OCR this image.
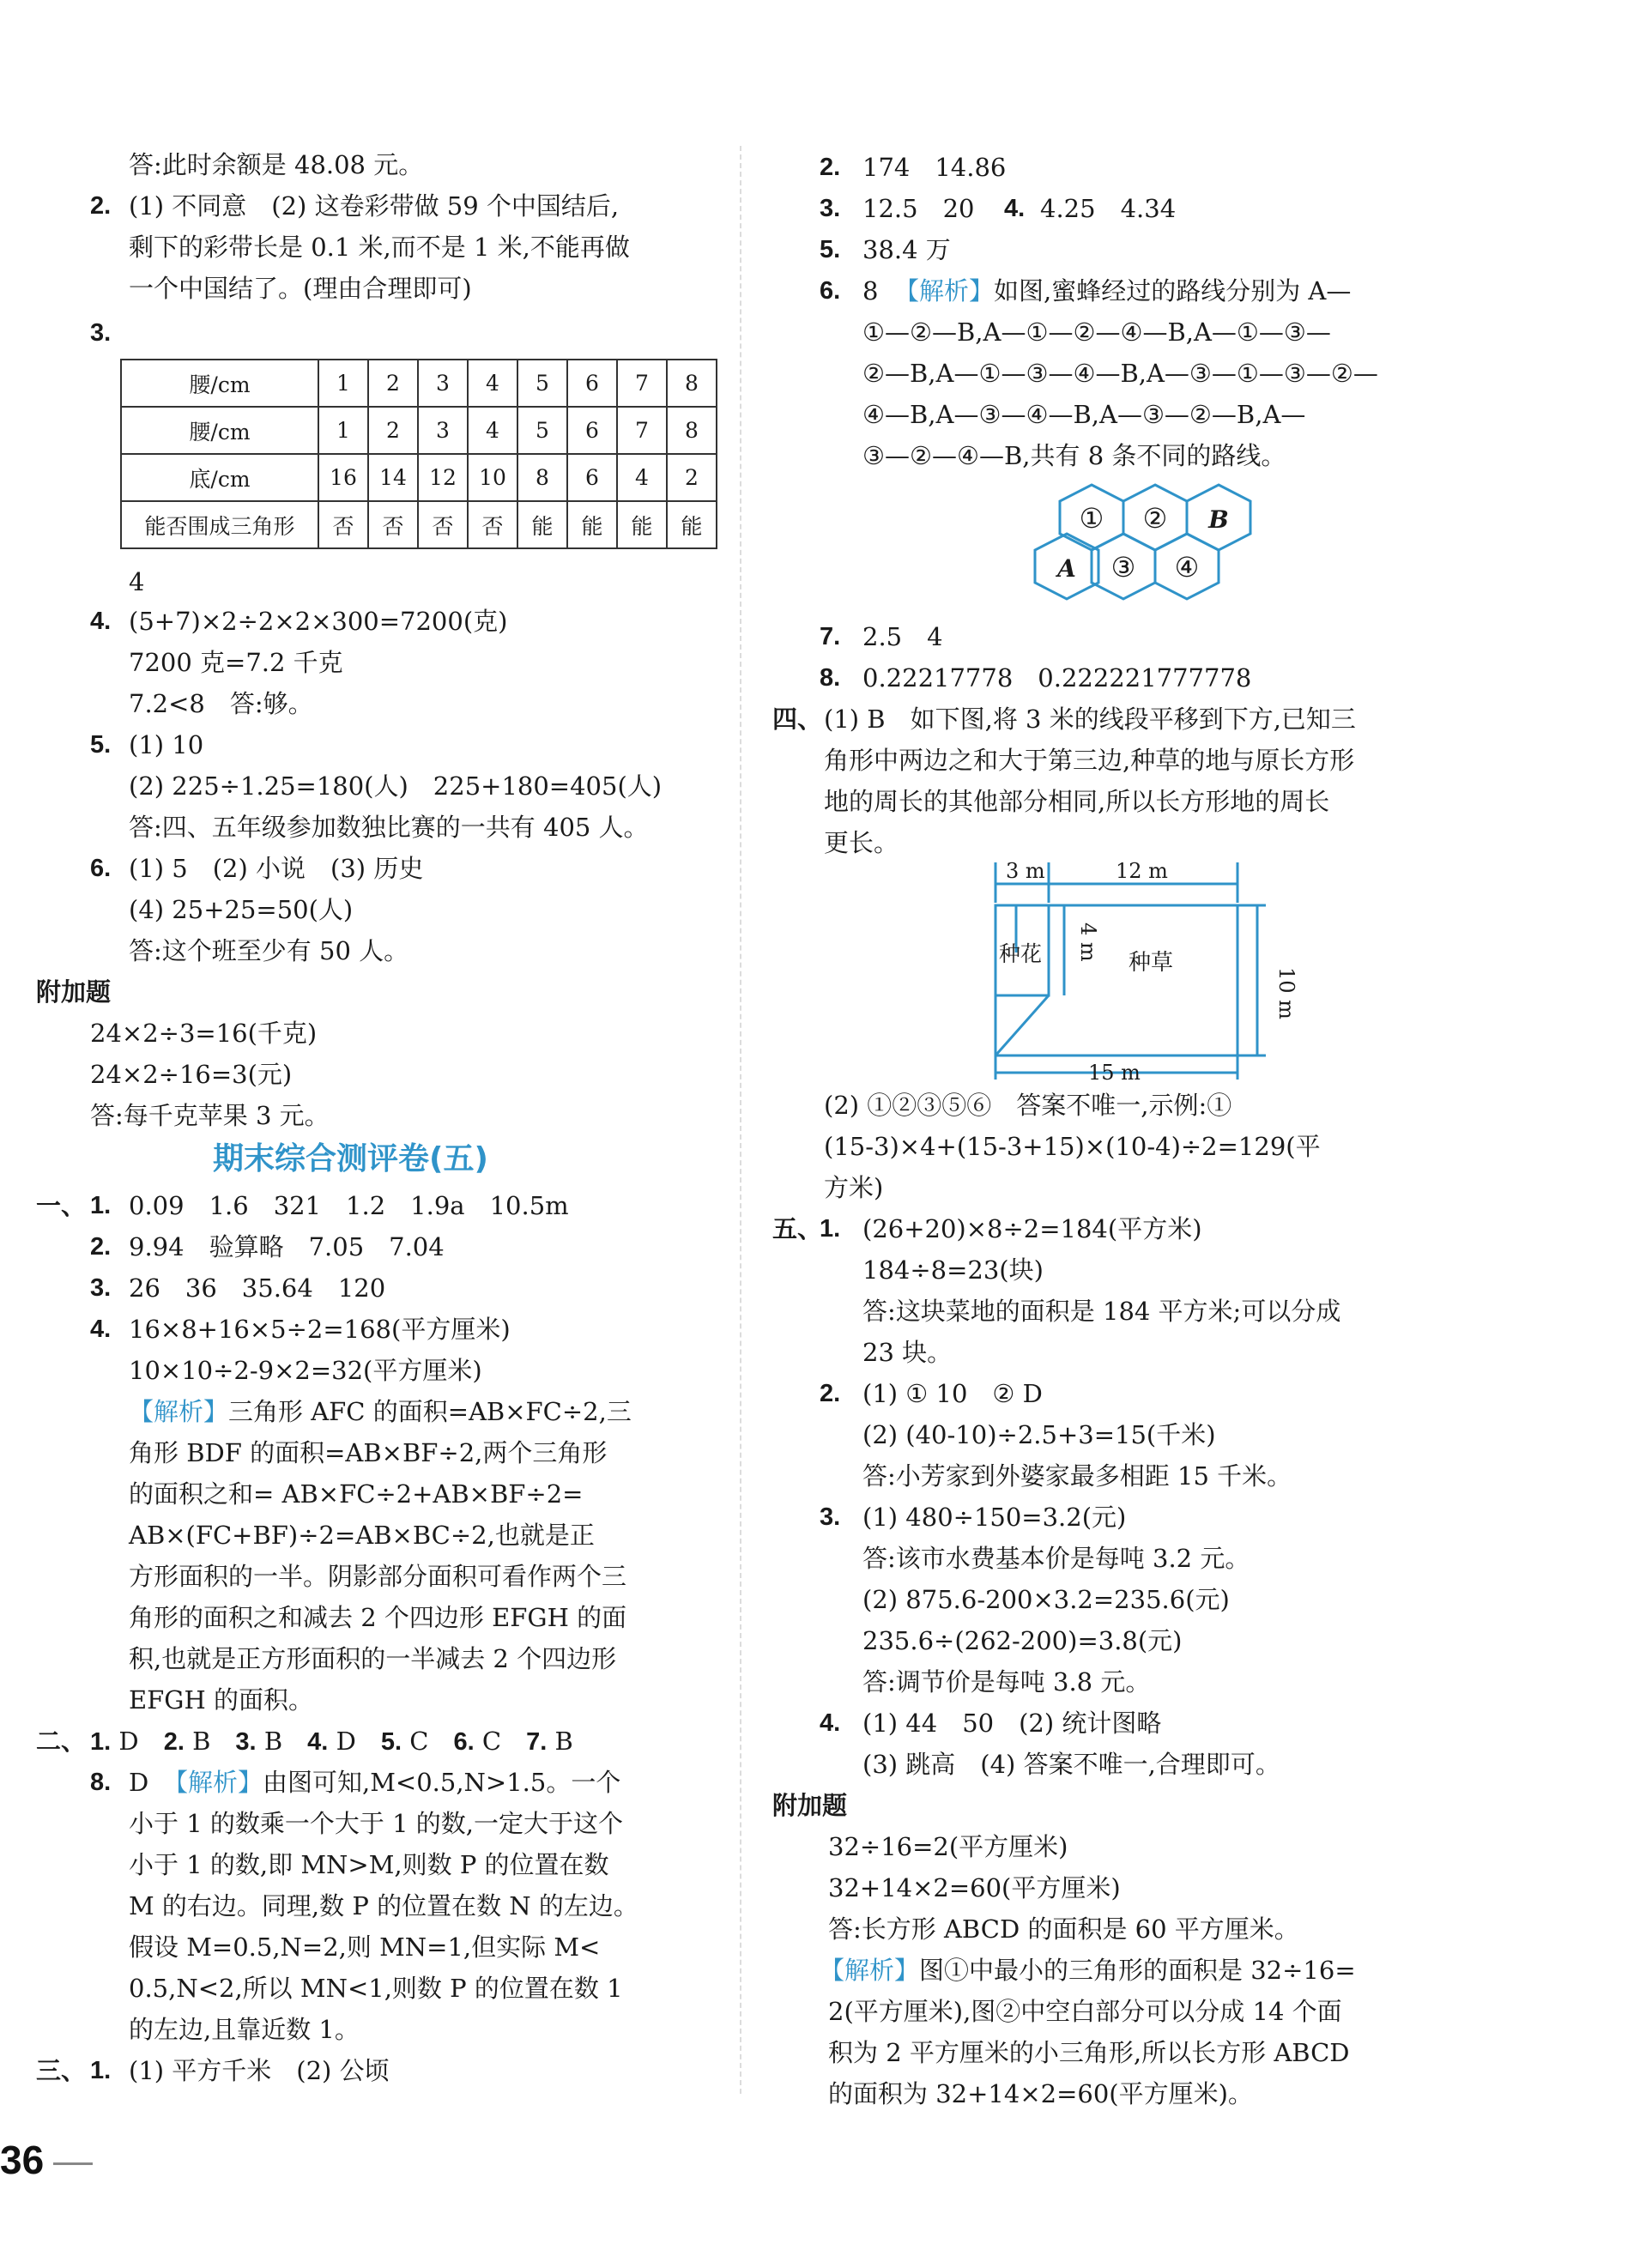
答:此时余额是 48.08 元。
2. (1) 不同意　(2) 这卷彩带做 59 个中国结后,
剩下的彩带长是 0.1 米,而不是 1 米,不能再做
一个中国结了。(理由合理即可)
3.
腰/cm	1	2	3	4	5	6	7	8
腰/cm	1	2	3	4	5	6	7	8
底/cm	16	14	12	10	8	6	4	2
能否围成三角形	否	否	否	否	能	能	能	能
4
4. (5+7)×2÷2×2×300=7200(克)
7200 克=7.2 千克
7.2<8　答:够。
5. (1) 10
(2) 225÷1.25=180(人)　225+180=405(人)
答:四、五年级参加数独比赛的一共有 405 人。
6. (1) 5　(2) 小说　(3) 历史
(4) 25+25=50(人)
答:这个班至少有 50 人。
附加题
24×2÷3=16(千克)
24×2÷16=3(元)
答:每千克苹果 3 元。
期末综合测评卷(五)
一、 1. 0.09　1.6　321　1.2　1.9a　10.5m
2. 9.94　验算略　7.05　7.04
3. 26　36　35.64　120
4. 16×8+16×5÷2=168(平方厘米)
10×10÷2-9×2=32(平方厘米)
【解析】 三角形 AFC 的面积=AB×FC÷2,三
角形 BDF 的面积=AB×BF÷2,两个三角形
的面积之和= AB×FC÷2+AB×BF÷2=
AB×(FC+BF)÷2=AB×BC÷2,也就是正
方形面积的一半。阴影部分面积可看作两个三
角形的面积之和减去 2 个四边形 EFGH 的面
积,也就是正方形面积的一半减去 2 个四边形
EFGH 的面积。
二、 1. D　 2. B　 3. B　 4. D　 5. C　 6. C　 7. B
8. D 【解析】 由图可知,M<0.5,N>1.5。一个
小于 1 的数乘一个大于 1 的数,一定大于这个
小于 1 的数,即 MN>M,则数 P 的位置在数
M 的右边。同理,数 P 的位置在数 N 的左边。
假设 M=0.5,N=2,则 MN=1,但实际 M<
0.5,N<2,所以 MN<1,则数 P 的位置在数 1
的左边,且靠近数 1。
三、 1. (1) 平方千米　(2) 公顷
2. 174　14.86
3. 12.5　20 4. 4.25　4.34
5. 38.4 万
6. 8 【解析】 如图,蜜蜂经过的路线分别为 A—
①—②—B,A—①—②—④—B,A—①—③—
②—B,A—①—③—④—B,A—③—①—③—②—
④—B,A—③—④—B,A—③—②—B,A—
③—②—④—B,共有 8 条不同的路线。
① ② B
A ③ ④
7. 2.5　4
8. 0.22217778　0.222221777778
四、 (1) B　如下图,将 3 米的线段平移到下方,已知三
角形中两边之和大于第三边,种草的地与原长方形
地的周长的其他部分相同,所以长方形地的周长
更长。
3 m	12 m
4 m
种花	种草
10 m
15 m
(2) ①②③⑤⑥　答案不唯一,示例:①
(15-3)×4+(15-3+15)×(10-4)÷2=129(平
方米)
五、
1. (26+20)×8÷2=184(平方米)
184÷8=23(块)
答:这块菜地的面积是 184 平方米;可以分成
23 块。
2. (1) ① 10　② D
(2) (40-10)÷2.5+3=15(千米)
答:小芳家到外婆家最多相距 15 千米。
3. (1) 480÷150=3.2(元)
答:该市水费基本价是每吨 3.2 元。
(2) 875.6-200×3.2=235.6(元)
235.6÷(262-200)=3.8(元)
答:调节价是每吨 3.8 元。
4. (1) 44　50　(2) 统计图略
(3) 跳高　(4) 答案不唯一,合理即可。
附加题
32÷16=2(平方厘米)
32+14×2=60(平方厘米)
答:长方形 ABCD 的面积是 60 平方厘米。
【解析】 图①中最小的三角形的面积是 32÷16=
2(平方厘米),图②中空白部分可以分成 14 个面
积为 2 平方厘米的小三角形,所以长方形 ABCD
的面积为 32+14×2=60(平方厘米)。
36
